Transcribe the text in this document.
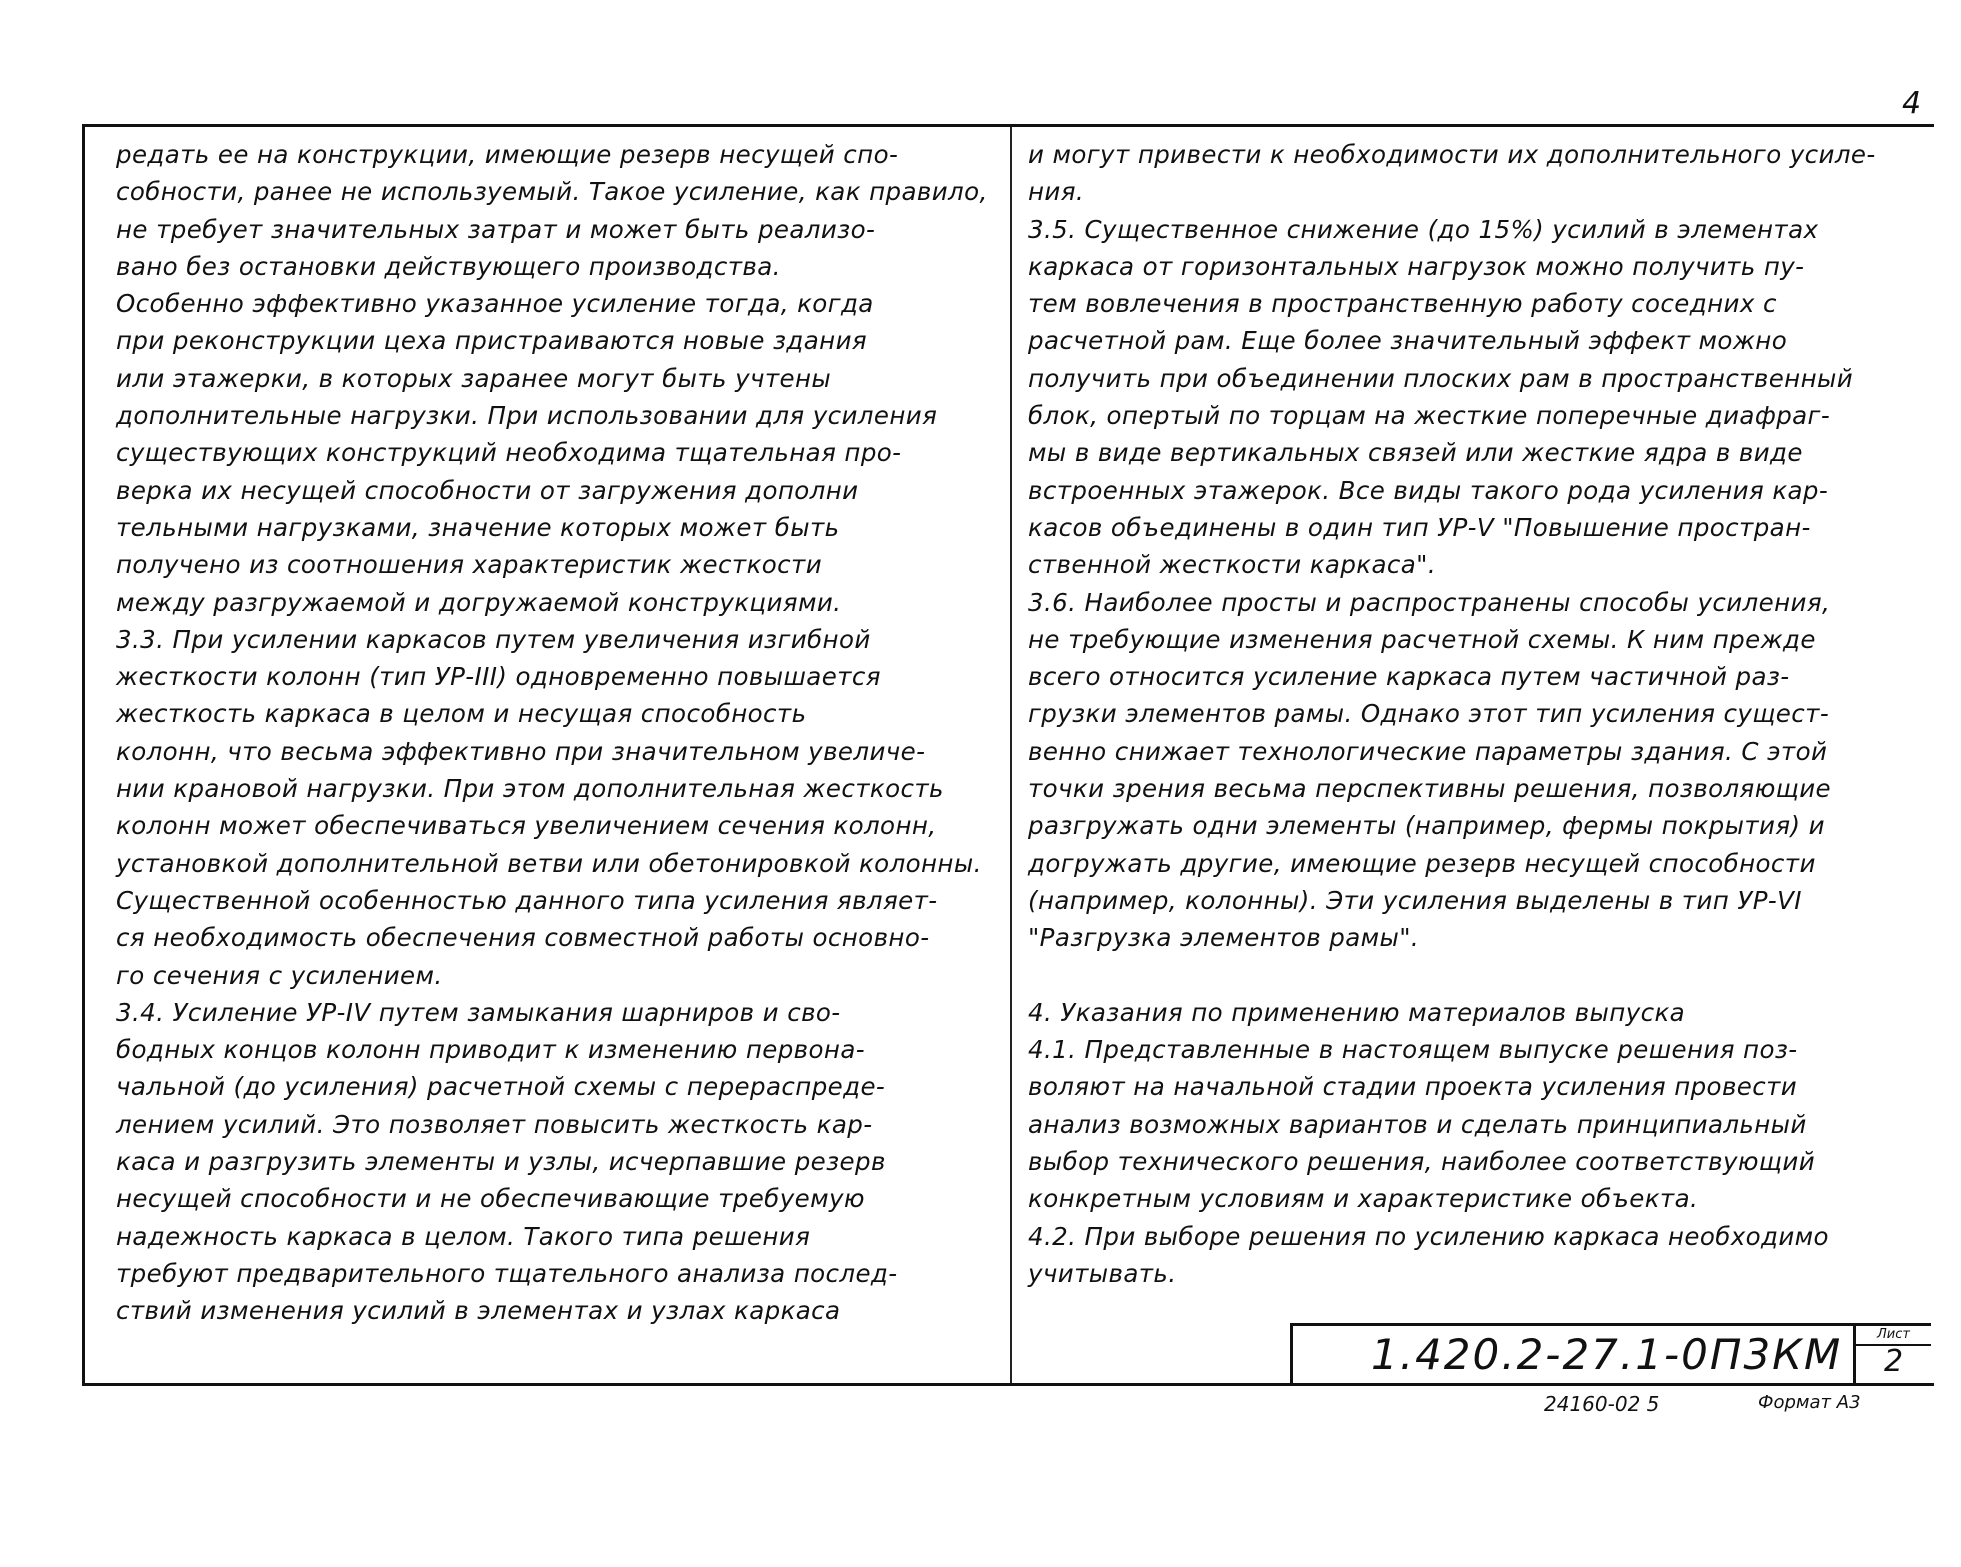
4
редать ее на конструкции, имеющие резерв несущей спо-
собности, ранее не используемый. Такое усиление, как правило,
не требует значительных затрат и может быть реализо-
вано без остановки действующего производства.
Особенно эффективно указанное усиление тогда, когда
при реконструкции цеха пристраиваются новые здания
или этажерки, в которых заранее могут быть учтены
дополнительные нагрузки. При использовании для усиления
существующих конструкций необходима тщательная про-
верка их несущей способности от загружения дополни
тельными нагрузками, значение которых может быть
получено из соотношения характеристик жесткости
между разгружаемой и догружаемой конструкциями.
3.3. При усилении каркасов путем увеличения изгибной
жесткости колонн (тип УР-III) одновременно повышается
жесткость каркаса в целом и несущая способность
колонн, что весьма эффективно при значительном увеличе-
нии крановой нагрузки. При этом дополнительная жесткость
колонн может обеспечиваться увеличением сечения колонн,
установкой дополнительной ветви или обетонировкой колонны.
Существенной особенностью данного типа усиления являет-
ся необходимость обеспечения совместной работы основно-
го сечения с усилением.
3.4. Усиление УР-IV путем замыкания шарниров и сво-
бодных концов колонн приводит к изменению первона-
чальной (до усиления) расчетной схемы с перераспреде-
лением усилий. Это позволяет повысить жесткость кар-
каса и разгрузить элементы и узлы, исчерпавшие резерв
несущей способности и не обеспечивающие требуемую
надежность каркаса в целом. Такого типа решения
требуют предварительного тщательного анализа послед-
ствий изменения усилий в элементах и узлах каркаса
и могут привести к необходимости их дополнительного усиле-
ния.
3.5. Существенное снижение (до 15%) усилий в элементах
каркаса от горизонтальных нагрузок можно получить пу-
тем вовлечения в пространственную работу соседних с
расчетной рам. Еще более значительный эффект можно
получить при объединении плоских рам в пространственный
блок, опертый по торцам на жесткие поперечные диафраг-
мы в виде вертикальных связей или жесткие ядра в виде
встроенных этажерок. Все виды такого рода усиления кар-
касов объединены в один тип УР-V "Повышение простран-
ственной жесткости каркаса".
3.6. Наиболее просты и распространены способы усиления,
не требующие изменения расчетной схемы. К ним прежде
всего относится усиление каркаса путем частичной раз-
грузки элементов рамы. Однако этот тип усиления сущест-
венно снижает технологические параметры здания. С этой
точки зрения весьма перспективны решения, позволяющие
разгружать одни элементы (например, фермы покрытия) и
догружать другие, имеющие резерв несущей способности
(например, колонны). Эти усиления выделены в тип УР-VI
"Разгрузка элементов рамы".
4. Указания по применению материалов выпуска
4.1. Представленные в настоящем выпуске решения поз-
воляют на начальной стадии проекта усиления провести
анализ возможных вариантов и сделать принципиальный
выбор технического решения, наиболее соответствующий
конкретным условиям и характеристике объекта.
4.2. При выборе решения по усилению каркаса необходимо
учитывать.
1.420.2-27.1-0П3КМ	Лист
2
24160-02 5	Формат А3
